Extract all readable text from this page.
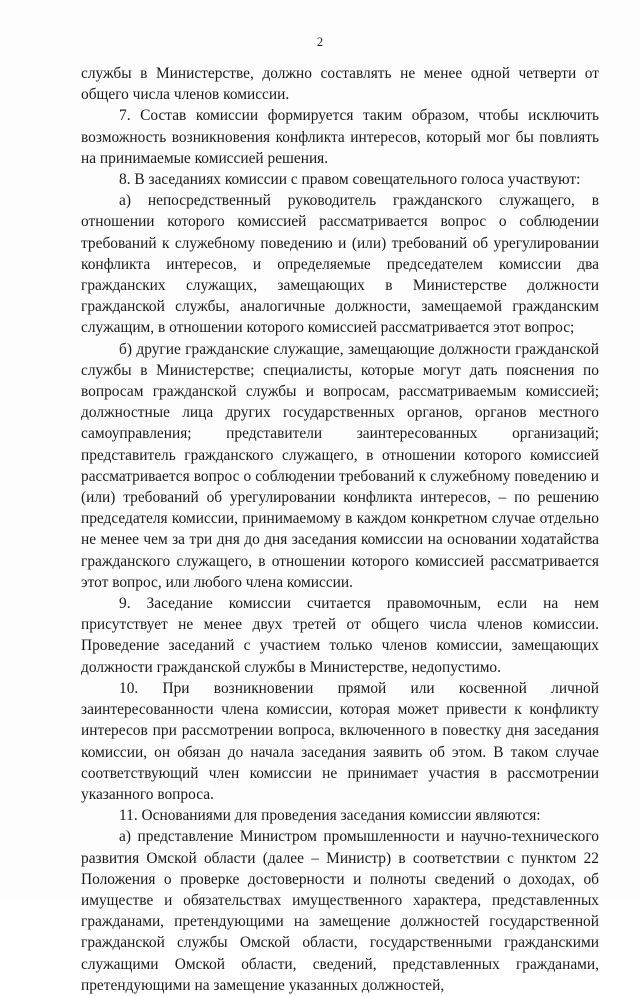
2

службы в Министерстве, должно составлять не менее одной четверти от общего числа членов комиссии.

7. Состав комиссии формируется таким образом, чтобы исключить возможность возникновения конфликта интересов, который мог бы повлиять на принимаемые комиссией решения.

8. В заседаниях комиссии с правом совещательного голоса участвуют:

а) непосредственный руководитель гражданского служащего, в отношении которого комиссией рассматривается вопрос о соблюдении требований к служебному поведению и (или) требований об урегулировании конфликта интересов, и определяемые председателем комиссии два гражданских служащих, замещающих в Министерстве должности гражданской службы, аналогичные должности, замещаемой гражданским служащим, в отношении которого комиссией рассматривается этот вопрос;

б) другие гражданские служащие, замещающие должности гражданской службы в Министерстве; специалисты, которые могут дать пояснения по вопросам гражданской службы и вопросам, рассматриваемым комиссией; должностные лица других государственных органов, органов местного самоуправления; представители заинтересованных организаций; представитель гражданского служащего, в отношении которого комиссией рассматривается вопрос о соблюдении требований к служебному поведению и (или) требований об урегулировании конфликта интересов, – по решению председателя комиссии, принимаемому в каждом конкретном случае отдельно не менее чем за три дня до дня заседания комиссии на основании ходатайства гражданского служащего, в отношении которого комиссией рассматривается этот вопрос, или любого члена комиссии.

9. Заседание комиссии считается правомочным, если на нем присутствует не менее двух третей от общего числа членов комиссии. Проведение заседаний с участием только членов комиссии, замещающих должности гражданской службы в Министерстве, недопустимо.

10. При возникновении прямой или косвенной личной заинтересованности члена комиссии, которая может привести к конфликту интересов при рассмотрении вопроса, включенного в повестку дня заседания комиссии, он обязан до начала заседания заявить об этом. В таком случае соответствующий член комиссии не принимает участия в рассмотрении указанного вопроса.

11. Основаниями для проведения заседания комиссии являются:

а) представление Министром промышленности и научно-технического развития Омской области (далее – Министр) в соответствии с пунктом 22 Положения о проверке достоверности и полноты сведений о доходах, об имуществе и обязательствах имущественного характера, представленных гражданами, претендующими на замещение должностей государственной гражданской службы Омской области, государственными гражданскими служащими Омской области, сведений, представленных гражданами, претендующими на замещение указанных должностей,
